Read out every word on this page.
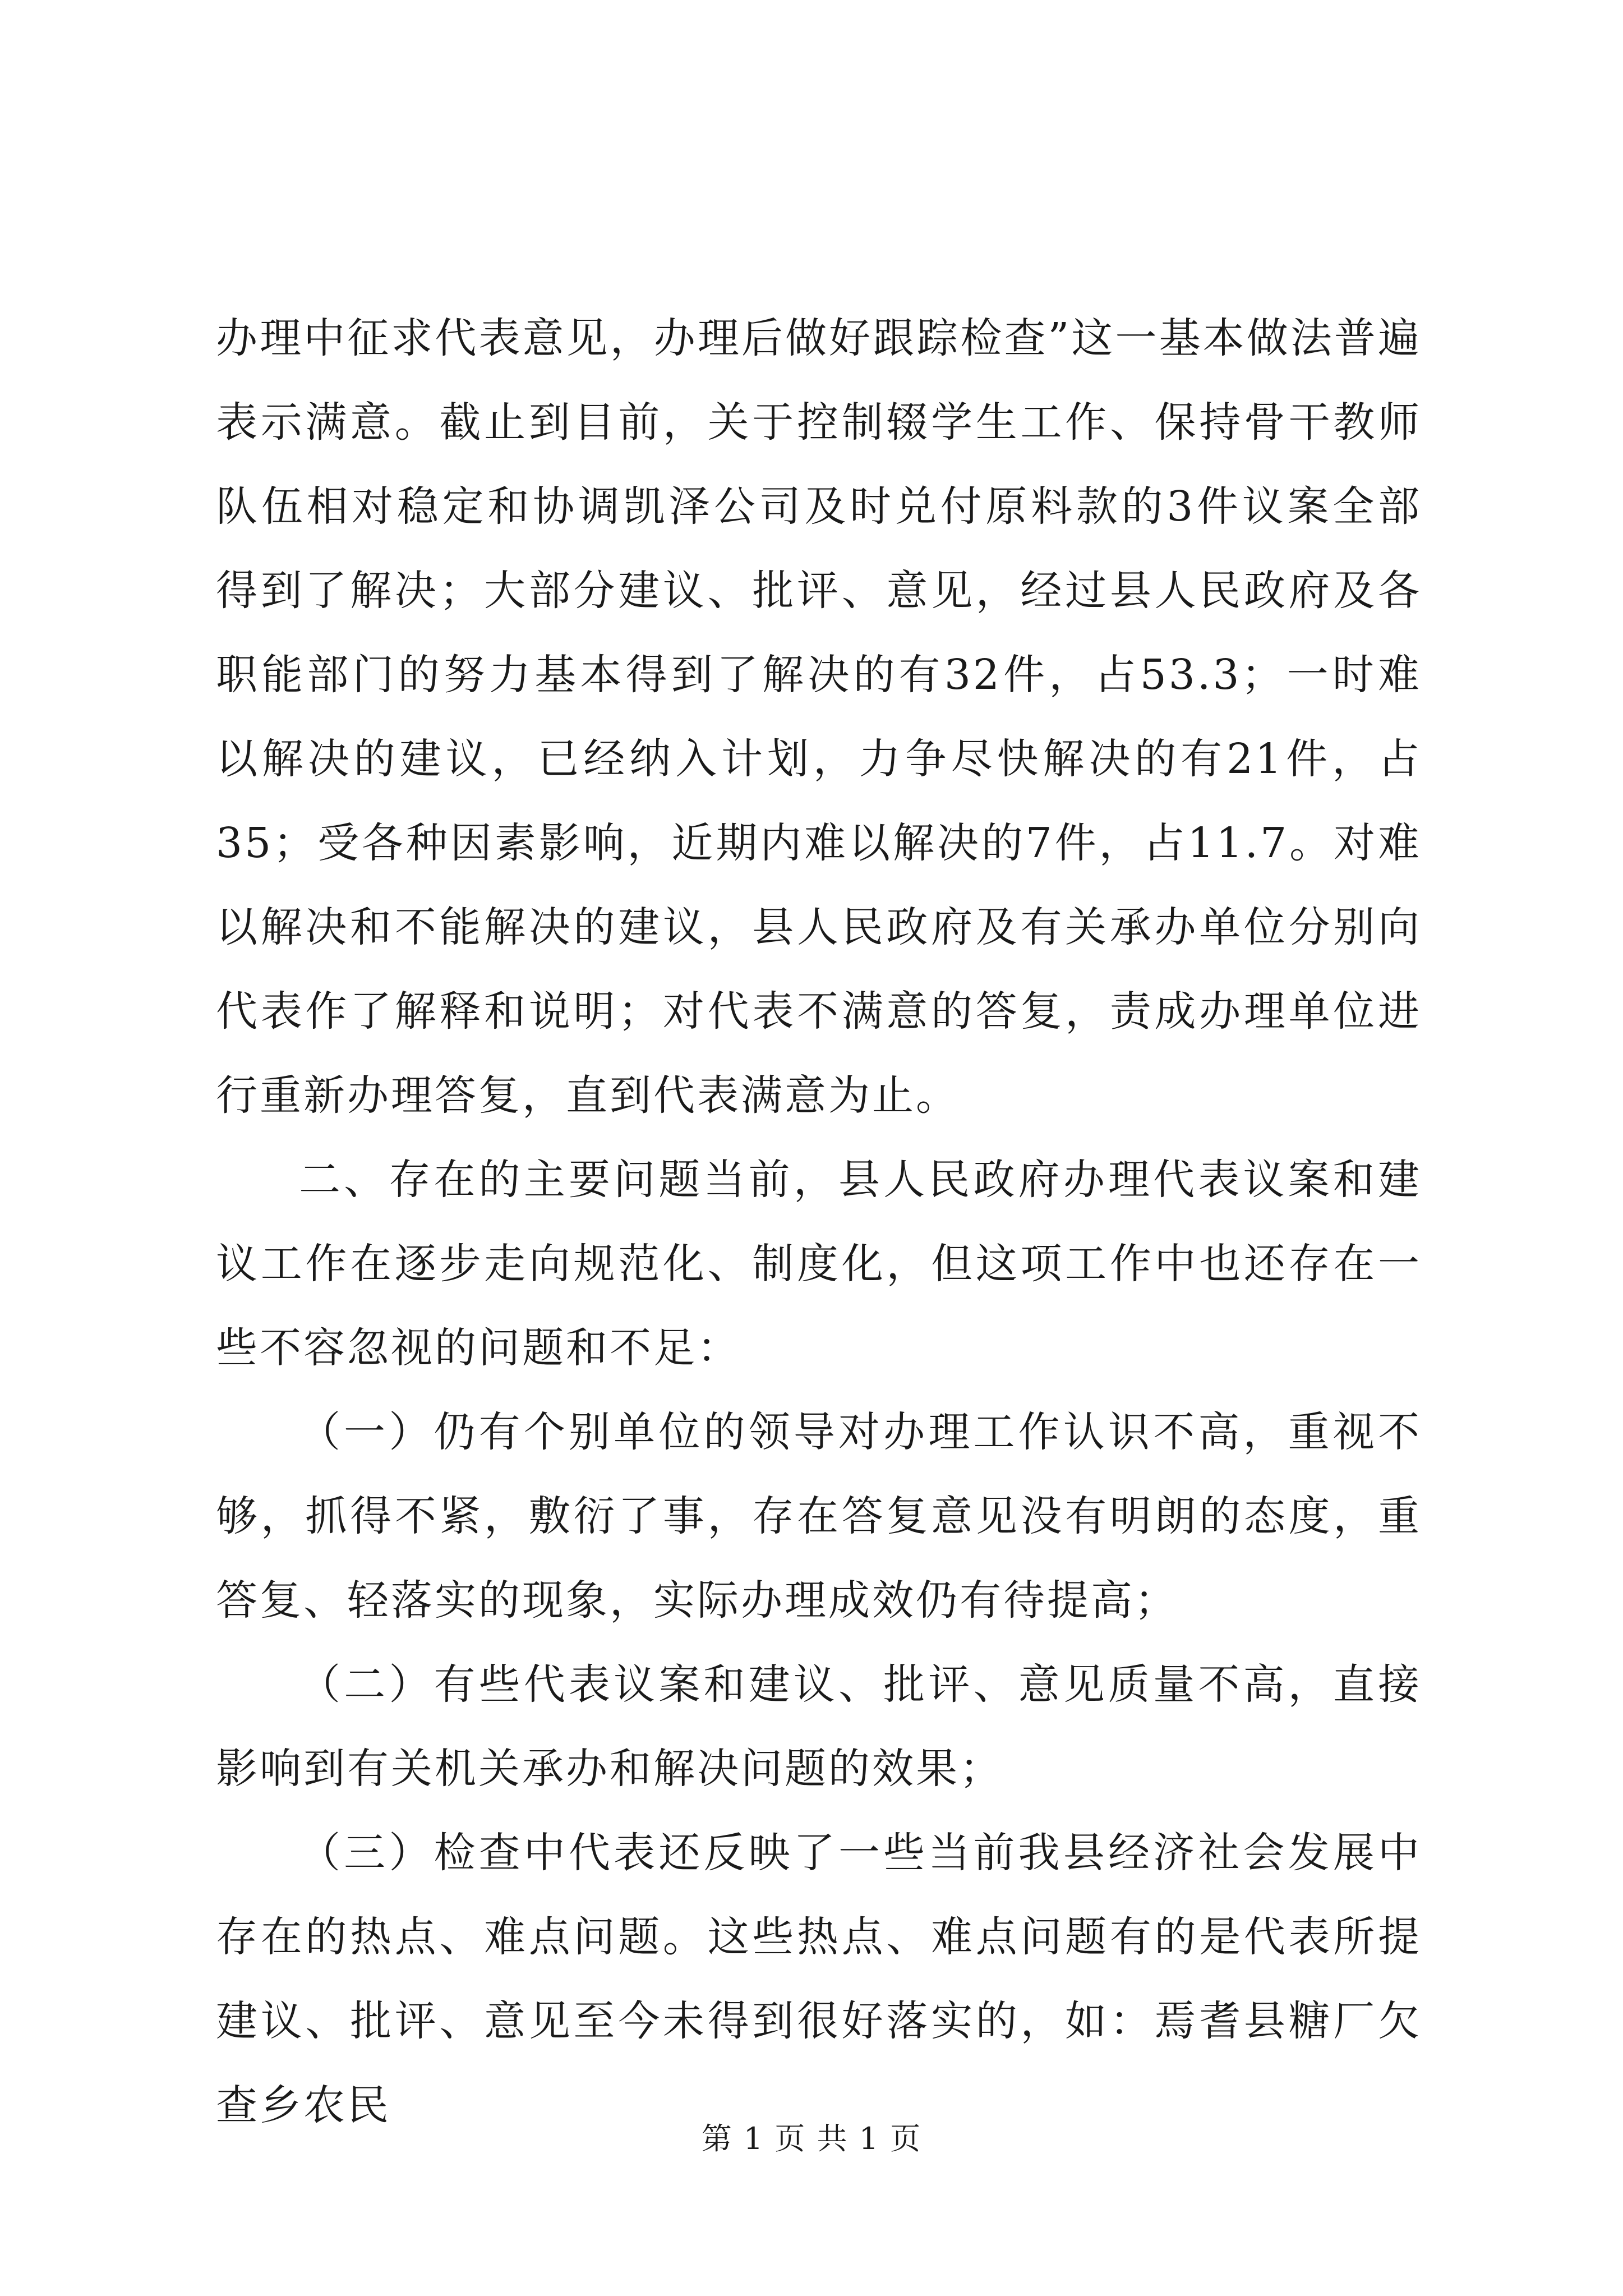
办理中征求代表意见，办理后做好跟踪检查”这一基本做法普遍表示满意。截止到目前，关于控制辍学生工作、保持骨干教师队伍相对稳定和协调凯泽公司及时兑付原料款的3件议案全部得到了解决；大部分建议、批评、意见，经过县人民政府及各职能部门的努力基本得到了解决的有32件，占53.3；一时难以解决的建议，已经纳入计划，力争尽快解决的有21件，占35；受各种因素影响，近期内难以解决的7件，占11.7。对难以解决和不能解决的建议，县人民政府及有关承办单位分别向代表作了解释和说明；对代表不满意的答复，责成办理单位进行重新办理答复，直到代表满意为止。

二、存在的主要问题当前，县人民政府办理代表议案和建议工作在逐步走向规范化、制度化，但这项工作中也还存在一些不容忽视的问题和不足：

（一）仍有个别单位的领导对办理工作认识不高，重视不够，抓得不紧，敷衍了事，存在答复意见没有明朗的态度，重答复、轻落实的现象，实际办理成效仍有待提高；

（二）有些代表议案和建议、批评、意见质量不高，直接影响到有关机关承办和解决问题的效果；

（三）检查中代表还反映了一些当前我县经济社会发展中存在的热点、难点问题。这些热点、难点问题有的是代表所提建议、批评、意见至今未得到很好落实的，如：焉耆县糖厂欠查乡农民

第 1 页 共 1 页
